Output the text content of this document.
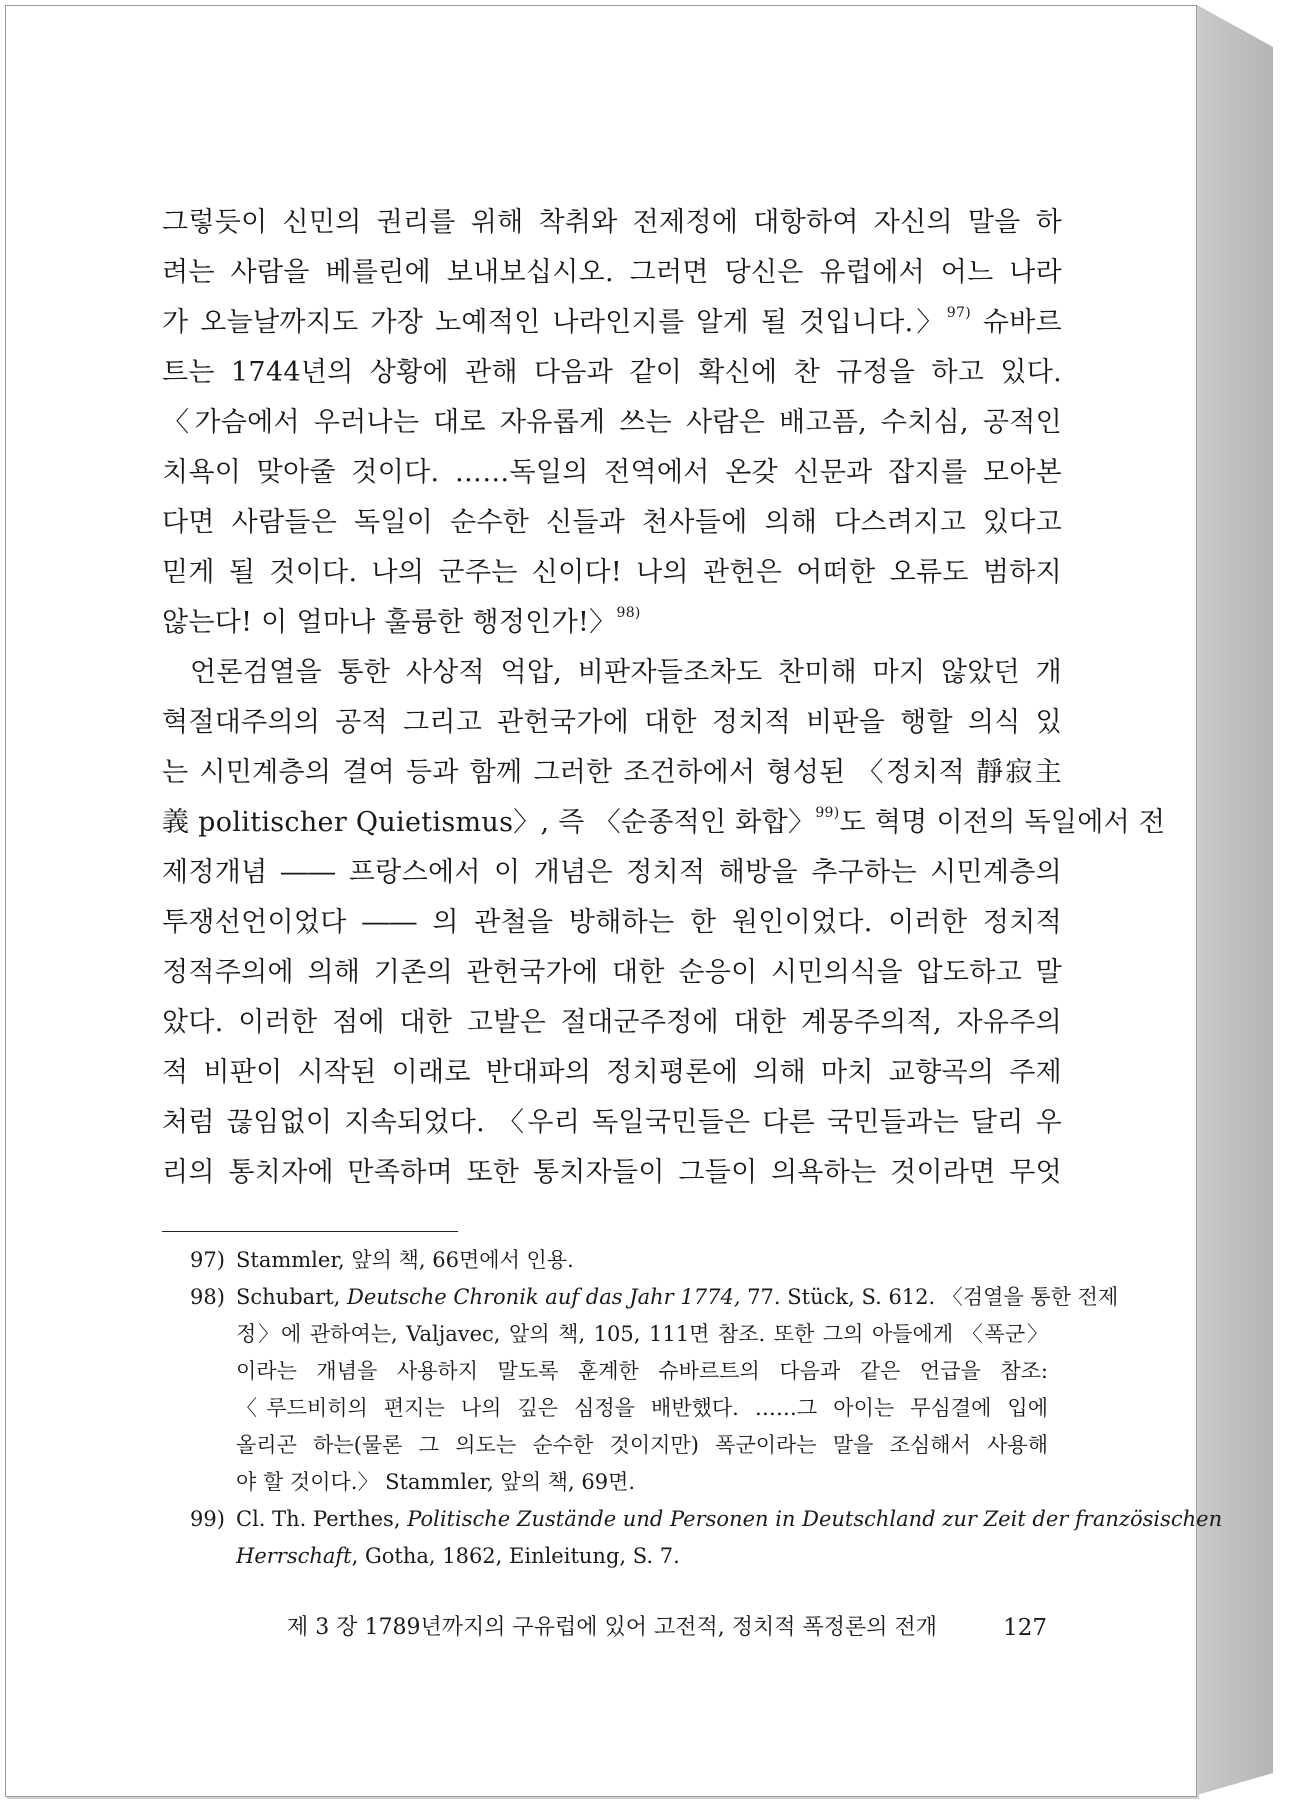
그렇듯이 신민의 권리를 위해 착취와 전제정에 대항하여 자신의 말을 하
려는 사람을 베를린에 보내보십시오. 그러면 당신은 유럽에서 어느 나라
가 오늘날까지도 가장 노예적인 나라인지를 알게 될 것입니다.〉$^{97)}$ 슈바르
트는 1744년의 상황에 관해 다음과 같이 확신에 찬 규정을 하고 있다.
〈가슴에서 우러나는 대로 자유롭게 쓰는 사람은 배고픔, 수치심, 공적인
치욕이 맞아줄 것이다. ……독일의 전역에서 온갖 신문과 잡지를 모아본
다면 사람들은 독일이 순수한 신들과 천사들에 의해 다스려지고 있다고
믿게 될 것이다. 나의 군주는 신이다! 나의 관헌은 어떠한 오류도 범하지
않는다! 이 얼마나 훌륭한 행정인가!〉$^{98)}$
언론검열을 통한 사상적 억압, 비판자들조차도 찬미해 마지 않았던 개
혁절대주의의 공적 그리고 관헌국가에 대한 정치적 비판을 행할 의식 있
는 시민계층의 결여 등과 함께 그러한 조건하에서 형성된 〈정치적 靜寂主
義 politischer Quietismus〉, 즉 〈순종적인 화합〉$^{99)}$도 혁명 이전의 독일에서 전
제정개념 ―― 프랑스에서 이 개념은 정치적 해방을 추구하는 시민계층의
투쟁선언이었다 ―― 의 관철을 방해하는 한 원인이었다. 이러한 정치적
정적주의에 의해 기존의 관헌국가에 대한 순응이 시민의식을 압도하고 말
았다. 이러한 점에 대한 고발은 절대군주정에 대한 계몽주의적, 자유주의
적 비판이 시작된 이래로 반대파의 정치평론에 의해 마치 교향곡의 주제
처럼 끊임없이 지속되었다. 〈우리 독일국민들은 다른 국민들과는 달리 우
리의 통치자에 만족하며 또한 통치자들이 그들이 의욕하는 것이라면 무엇
97) Stammler, 앞의 책, 66면에서 인용.
98) Schubart, Deutsche Chronik auf das Jahr 1774, 77. Stück, S. 612. 〈검열을 통한 전제
정〉에 관하여는, Valjavec, 앞의 책, 105, 111면 참조. 또한 그의 아들에게 〈폭군〉
이라는 개념을 사용하지 말도록 훈계한 슈바르트의 다음과 같은 언급을 참조:
〈루드비히의 편지는 나의 깊은 심정을 배반했다. ……그 아이는 무심결에 입에
올리곤 하는(물론 그 의도는 순수한 것이지만) 폭군이라는 말을 조심해서 사용해
야 할 것이다.〉 Stammler, 앞의 책, 69면.
99) Cl. Th. Perthes, Politische Zustände und Personen in Deutschland zur Zeit der französischen
Herrschaft, Gotha, 1862, Einleitung, S. 7.
제 3 장 1789년까지의 구유럽에 있어 고전적, 정치적 폭정론의 전개	127
